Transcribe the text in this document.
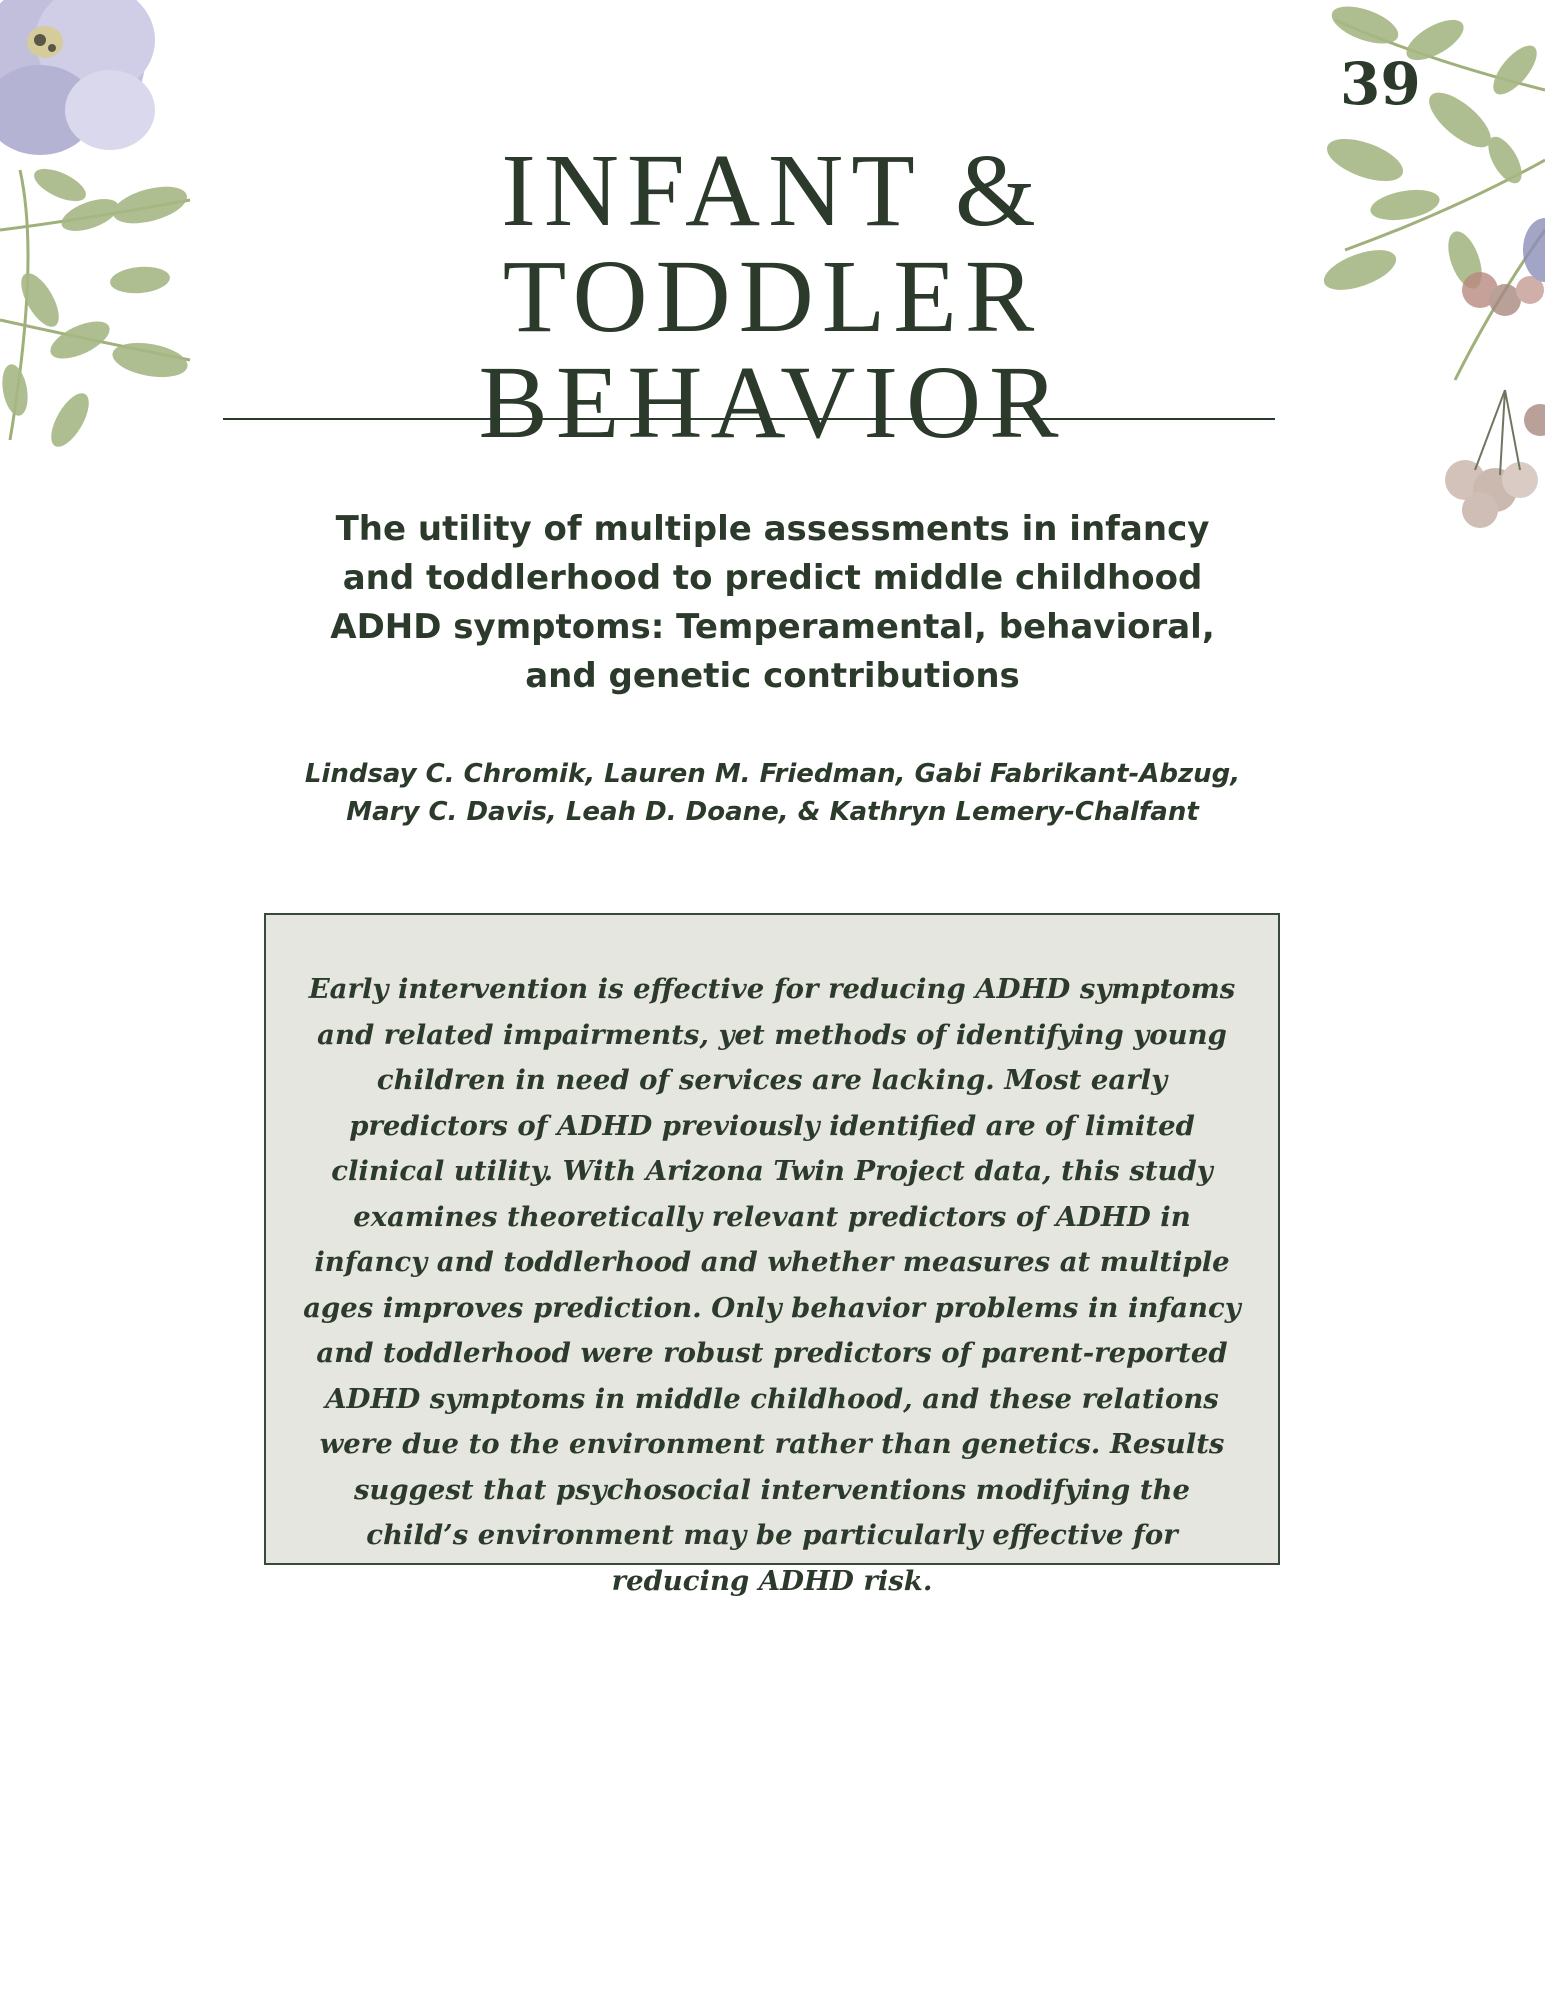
39
INFANT &
TODDLER
BEHAVIOR
The utility of multiple assessments in infancy and toddlerhood to predict middle childhood ADHD symptoms: Temperamental, behavioral, and genetic contributions
Lindsay C. Chromik, Lauren M. Friedman, Gabi Fabrikant-Abzug, Mary C. Davis, Leah D. Doane, & Kathryn Lemery-Chalfant

Early intervention is effective for reducing ADHD symptoms and related impairments, yet methods of identifying young children in need of services are lacking. Most early predictors of ADHD previously identified are of limited clinical utility. With Arizona Twin Project data, this study examines theoretically relevant predictors of ADHD in infancy and toddlerhood and whether measures at multiple ages improves prediction. Only behavior problems in infancy and toddlerhood were robust predictors of parent-reported ADHD symptoms in middle childhood, and these relations were due to the environment rather than genetics. Results suggest that psychosocial interventions modifying the child’s environment may be particularly effective for reducing ADHD risk.
